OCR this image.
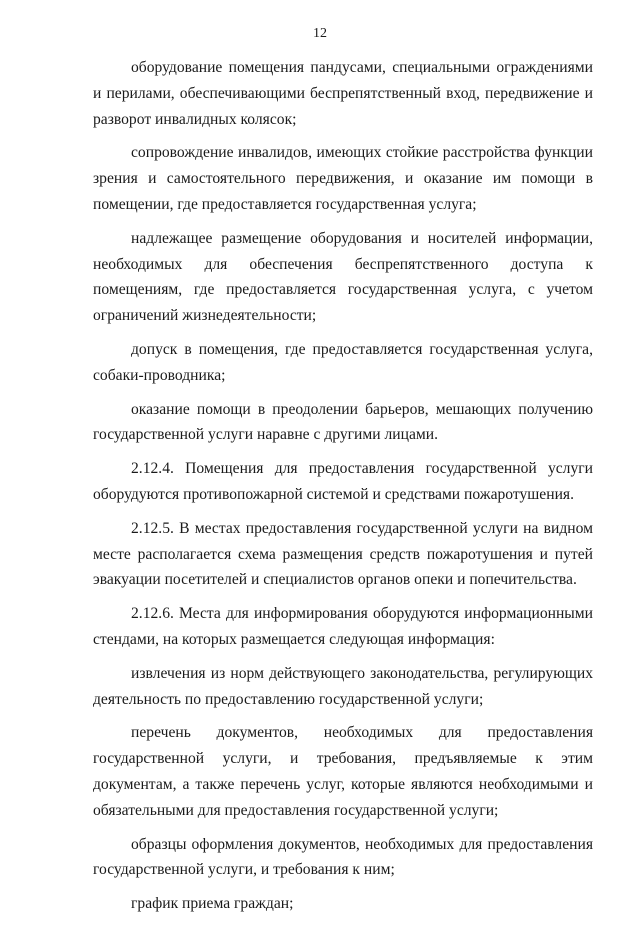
12

оборудование помещения пандусами, специальными ограждениями и перилами, обеспечивающими беспрепятственный вход, передвижение и разворот инвалидных колясок;

сопровождение инвалидов, имеющих стойкие расстройства функции зрения и самостоятельного передвижения, и оказание им помощи в помещении, где предоставляется государственная услуга;

надлежащее размещение оборудования и носителей информации, необходимых для обеспечения беспрепятственного доступа к помещениям, где предоставляется государственная услуга, с учетом ограничений жизнедеятельности;

допуск в помещения, где предоставляется государственная услуга, собаки-проводника;

оказание помощи в преодолении барьеров, мешающих получению государственной услуги наравне с другими лицами.

2.12.4. Помещения для предоставления государственной услуги оборудуются противопожарной системой и средствами пожаротушения.

2.12.5. В местах предоставления государственной услуги на видном месте располагается схема размещения средств пожаротушения и путей эвакуации посетителей и специалистов органов опеки и попечительства.

2.12.6. Места для информирования оборудуются информационными стендами, на которых размещается следующая информация:

извлечения из норм действующего законодательства, регулирующих деятельность по предоставлению государственной услуги;

перечень документов, необходимых для предоставления государственной услуги, и требования, предъявляемые к этим документам, а также перечень услуг, которые являются необходимыми и обязательными для предоставления государственной услуги;

образцы оформления документов, необходимых для предоставления государственной услуги, и требования к ним;

график приема граждан;
